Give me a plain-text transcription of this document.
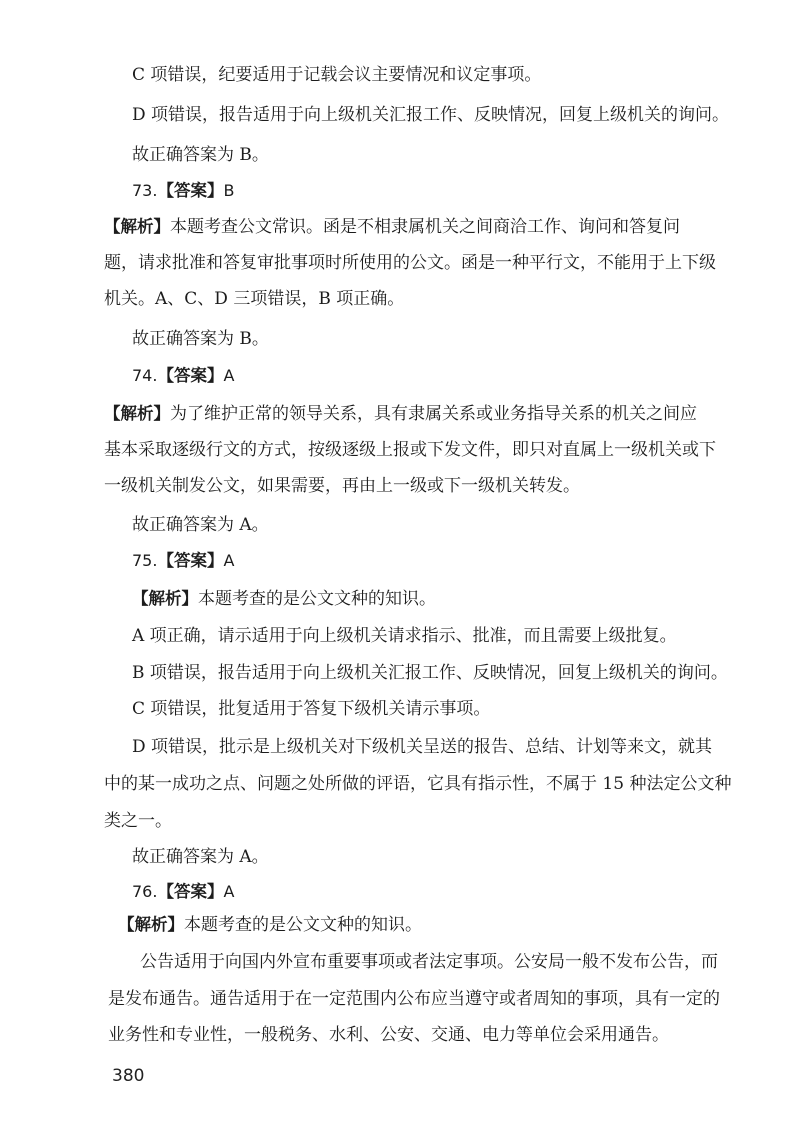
C 项错误，纪要适用于记载会议主要情况和议定事项。
D 项错误，报告适用于向上级机关汇报工作、反映情况，回复上级机关的询问。
故正确答案为 B。
73.【答案】B
【解析】本题考查公文常识。函是不相隶属机关之间商洽工作、询问和答复问
题，请求批准和答复审批事项时所使用的公文。函是一种平行文，不能用于上下级
机关。A、C、D 三项错误，B 项正确。
故正确答案为 B。
74.【答案】A
【解析】为了维护正常的领导关系，具有隶属关系或业务指导关系的机关之间应
基本采取逐级行文的方式，按级逐级上报或下发文件，即只对直属上一级机关或下
一级机关制发公文，如果需要，再由上一级或下一级机关转发。
故正确答案为 A。
75.【答案】A
【解析】本题考查的是公文文种的知识。
A 项正确，请示适用于向上级机关请求指示、批准，而且需要上级批复。
B 项错误，报告适用于向上级机关汇报工作、反映情况，回复上级机关的询问。
C 项错误，批复适用于答复下级机关请示事项。
D 项错误，批示是上级机关对下级机关呈送的报告、总结、计划等来文，就其
中的某一成功之点、问题之处所做的评语，它具有指示性，不属于 15 种法定公文种
类之一。
故正确答案为 A。
76.【答案】A
【解析】本题考查的是公文文种的知识。
公告适用于向国内外宣布重要事项或者法定事项。公安局一般不发布公告，而
是发布通告。通告适用于在一定范围内公布应当遵守或者周知的事项，具有一定的
业务性和专业性，一般税务、水利、公安、交通、电力等单位会采用通告。
380
